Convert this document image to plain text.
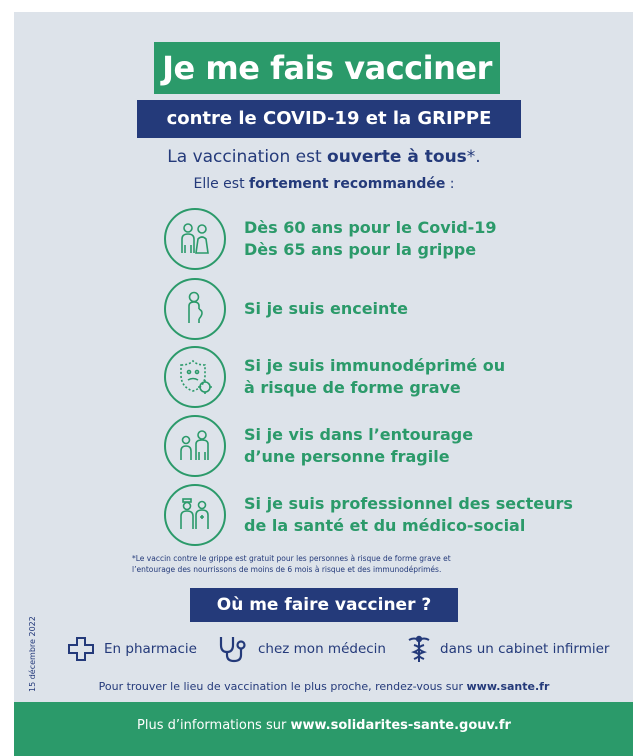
Je me fais vacciner
contre le COVID-19 et la GRIPPE
La vaccination est ouverte à tous*.
Elle est fortement recommandée :
Dès 60 ans pour le Covid-19
Dès 65 ans pour la grippe
Si je suis enceinte
Si je suis immunodéprimé ou
à risque de forme grave
Si je vis dans l’entourage
d’une personne fragile
Si je suis professionnel des secteurs
de la santé et du médico-social
*Le vaccin contre le grippe est gratuit pour les personnes à risque de forme grave et
l’entourage des nourrissons de moins de 6 mois à risque et des immunodéprimés.
Où me faire vacciner ?
15 décembre 2022	En pharmacie	chez mon médecin	dans un cabinet infirmier
Pour trouver le lieu de vaccination le plus proche, rendez-vous sur www.sante.fr
Plus d’informations sur www.solidarites-sante.gouv.fr
